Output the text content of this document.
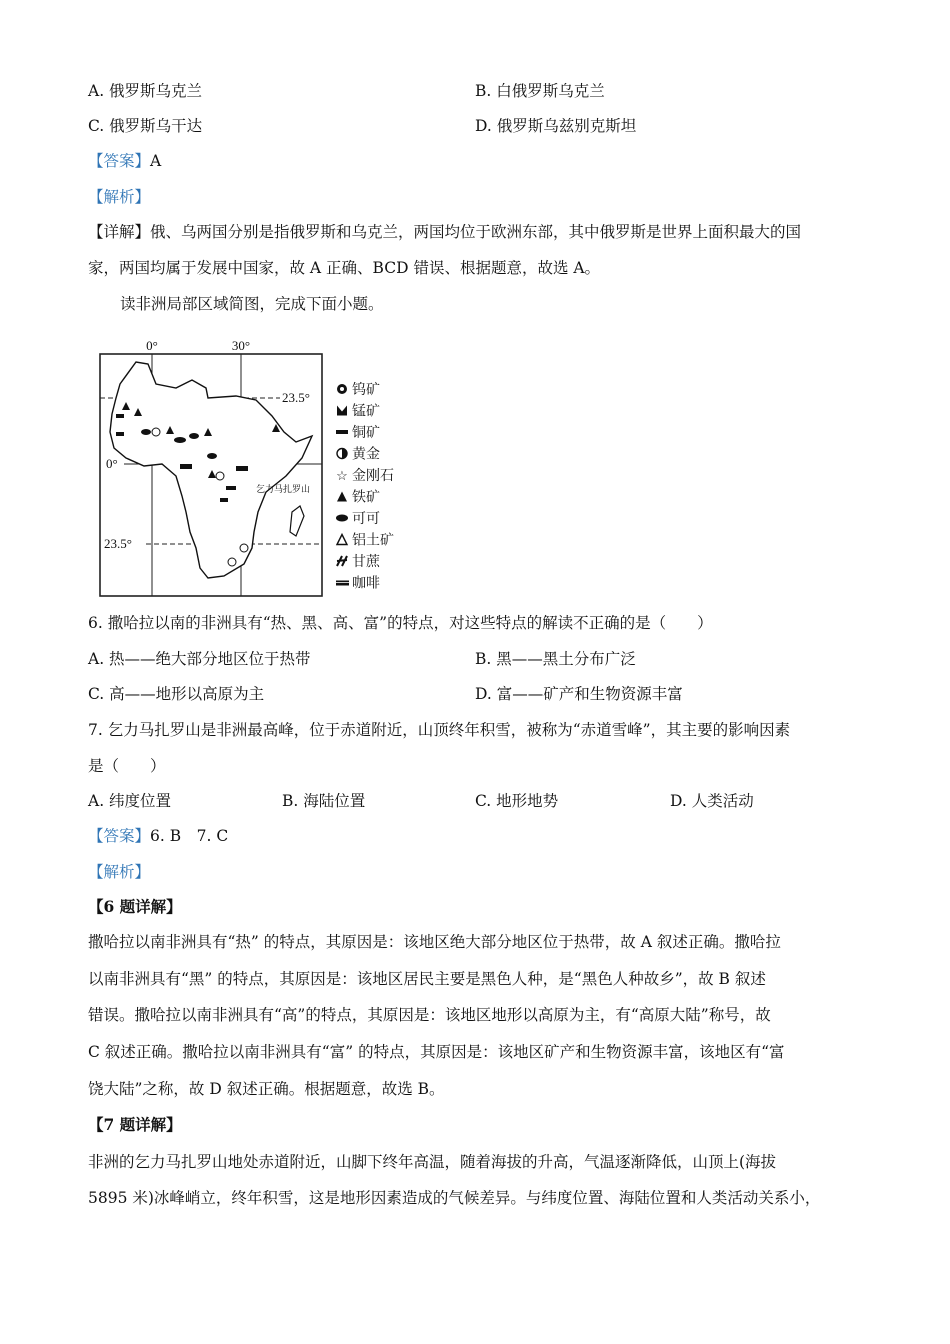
A. 俄罗斯乌克兰	B. 白俄罗斯乌克兰
C. 俄罗斯乌干达	D. 俄罗斯乌兹别克斯坦
【答案】A
【解析】
【详解】俄、乌两国分别是指俄罗斯和乌克兰，两国均位于欧洲东部，其中俄罗斯是世界上面积最大的国
家，两国均属于发展中国家，故 A 正确、BCD 错误、根据题意，故选 A。
读非洲局部区域简图，完成下面小题。
0°	30°
23.5°
0°
23.5°
乞力马扎罗山
钨矿
锰矿
铜矿
黄金
☆ 金刚石
铁矿
可可
铝土矿
甘蔗
咖啡
6. 撒哈拉以南的非洲具有“热、黑、高、富”的特点，对这些特点的解读不正确的是（　　）
A. 热——绝大部分地区位于热带	B. 黑——黑土分布广泛
C. 高——地形以高原为主	D. 富——矿产和生物资源丰富
7. 乞力马扎罗山是非洲最高峰，位于赤道附近，山顶终年积雪，被称为“赤道雪峰”，其主要的影响因素
是（　　）
A. 纬度位置	B. 海陆位置	C. 地形地势	D. 人类活动
【答案】6. B　7. C
【解析】
【6 题详解】
撒哈拉以南非洲具有“热” 的特点，其原因是：该地区绝大部分地区位于热带，故 A 叙述正确。撒哈拉
以南非洲具有“黑” 的特点，其原因是：该地区居民主要是黑色人种，是“黑色人种故乡”，故 B 叙述
错误。撒哈拉以南非洲具有“高”的特点，其原因是：该地区地形以高原为主，有“高原大陆”称号，故
C 叙述正确。撒哈拉以南非洲具有“富” 的特点，其原因是：该地区矿产和生物资源丰富，该地区有“富
饶大陆”之称，故 D 叙述正确。根据题意，故选 B。
【7 题详解】
非洲的乞力马扎罗山地处赤道附近，山脚下终年高温，随着海拔的升高，气温逐渐降低，山顶上(海拔
5895 米)冰峰峭立，终年积雪，这是地形因素造成的气候差异。与纬度位置、海陆位置和人类活动关系小，
